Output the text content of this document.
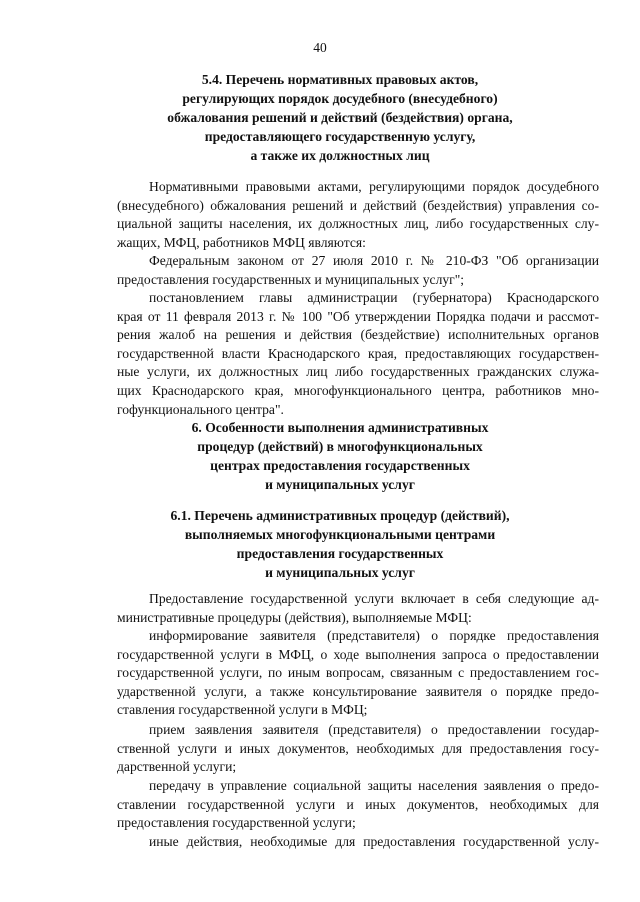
40
5.4. Перечень нормативных правовых актов,
регулирующих порядок досудебного (внесудебного)
обжалования решений и действий (бездействия) органа,
предоставляющего государственную услугу,
а также их должностных лиц
Нормативными правовыми актами, регулирующими порядок досудебного
(внесудебного) обжалования решений и действий (бездействия) управления со-
циальной защиты населения, их должностных лиц, либо государственных слу-
жащих, МФЦ, работников МФЦ являются:
Федеральным законом от 27 июля 2010 г. № 210-ФЗ "Об организации
предоставления государственных и муниципальных услуг";
постановлением главы администрации (губернатора) Краснодарского
края от 11 февраля 2013 г. № 100 "Об утверждении Порядка подачи и рассмот-
рения жалоб на решения и действия (бездействие) исполнительных органов
государственной власти Краснодарского края, предоставляющих государствен-
ные услуги, их должностных лиц либо государственных гражданских служа-
щих Краснодарского края, многофункционального центра, работников мно-
гофункционального центра".
6. Особенности выполнения административных
процедур (действий) в многофункциональных
центрах предоставления государственных
и муниципальных услуг
6.1. Перечень административных процедур (действий),
выполняемых многофункциональными центрами
предоставления государственных
и муниципальных услуг
Предоставление государственной услуги включает в себя следующие ад-
министративные процедуры (действия), выполняемые МФЦ:
информирование заявителя (представителя) о порядке предоставления
государственной услуги в МФЦ, о ходе выполнения запроса о предоставлении
государственной услуги, по иным вопросам, связанным с предоставлением гос-
ударственной услуги, а также консультирование заявителя о порядке предо-
ставления государственной услуги в МФЦ;
прием заявления заявителя (представителя) о предоставлении государ-
ственной услуги и иных документов, необходимых для предоставления госу-
дарственной услуги;
передачу в управление социальной защиты населения заявления о предо-
ставлении государственной услуги и иных документов, необходимых для
предоставления государственной услуги;
иные действия, необходимые для предоставления государственной услу-
